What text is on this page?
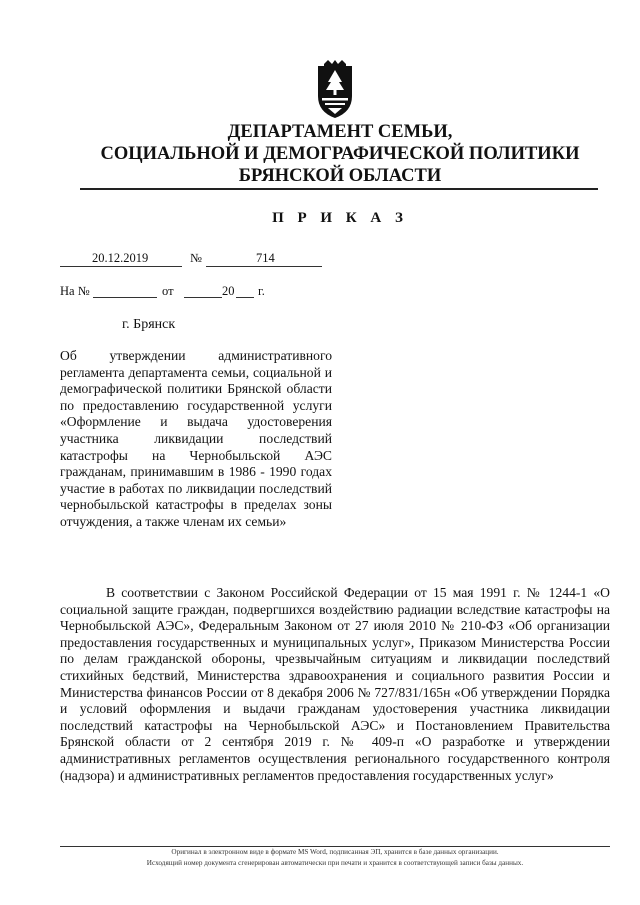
ДЕПАРТАМЕНТ СЕМЬИ,
СОЦИАЛЬНОЙ И ДЕМОГРАФИЧЕСКОЙ ПОЛИТИКИ
БРЯНСКОЙ ОБЛАСТИ
П Р И К А З
20.12.2019	№	714
На №	от	20 г.
г. Брянск
Об утверждении административного регламента департамента семьи, социальной и демографической политики Брянской области по предоставлению государственной услуги «Оформление и выдача удостоверения участника ликвидации последствий катастрофы на Чернобыльской АЭС гражданам, принимавшим в 1986 - 1990 годах участие в работах по ликвидации последствий чернобыльской катастрофы в пределах зоны отчуждения, а также членам их семьи»
В соответствии с Законом Российской Федерации от 15 мая 1991 г. № 1244-1 «О социальной защите граждан, подвергшихся воздействию радиации вследствие катастрофы на Чернобыльской АЭС», Федеральным Законом от 27 июля 2010 № 210-ФЗ «Об организации предоставления государственных и муниципальных услуг», Приказом Министерства России по делам гражданской обороны, чрезвычайным ситуациям и ликвидации последствий стихийных бедствий, Министерства здравоохранения и социального развития России и Министерства финансов России от 8 декабря 2006 № 727/831/165н «Об утверждении Порядка и условий оформления и выдачи гражданам удостоверения участника ликвидации последствий катастрофы на Чернобыльской АЭС» и Постановлением Правительства Брянской области от 2 сентября 2019 г. № 409-п «О разработке и утверждении административных регламентов осуществления регионального государственного контроля (надзора) и административных регламентов предоставления государственных услуг»
Оригинал в электронном виде в формате MS Word, подписанная ЭП, хранится в базе данных организации.
Исходящий номер документа сгенерирован автоматически при печати и хранится в соответствующей записи базы данных.
